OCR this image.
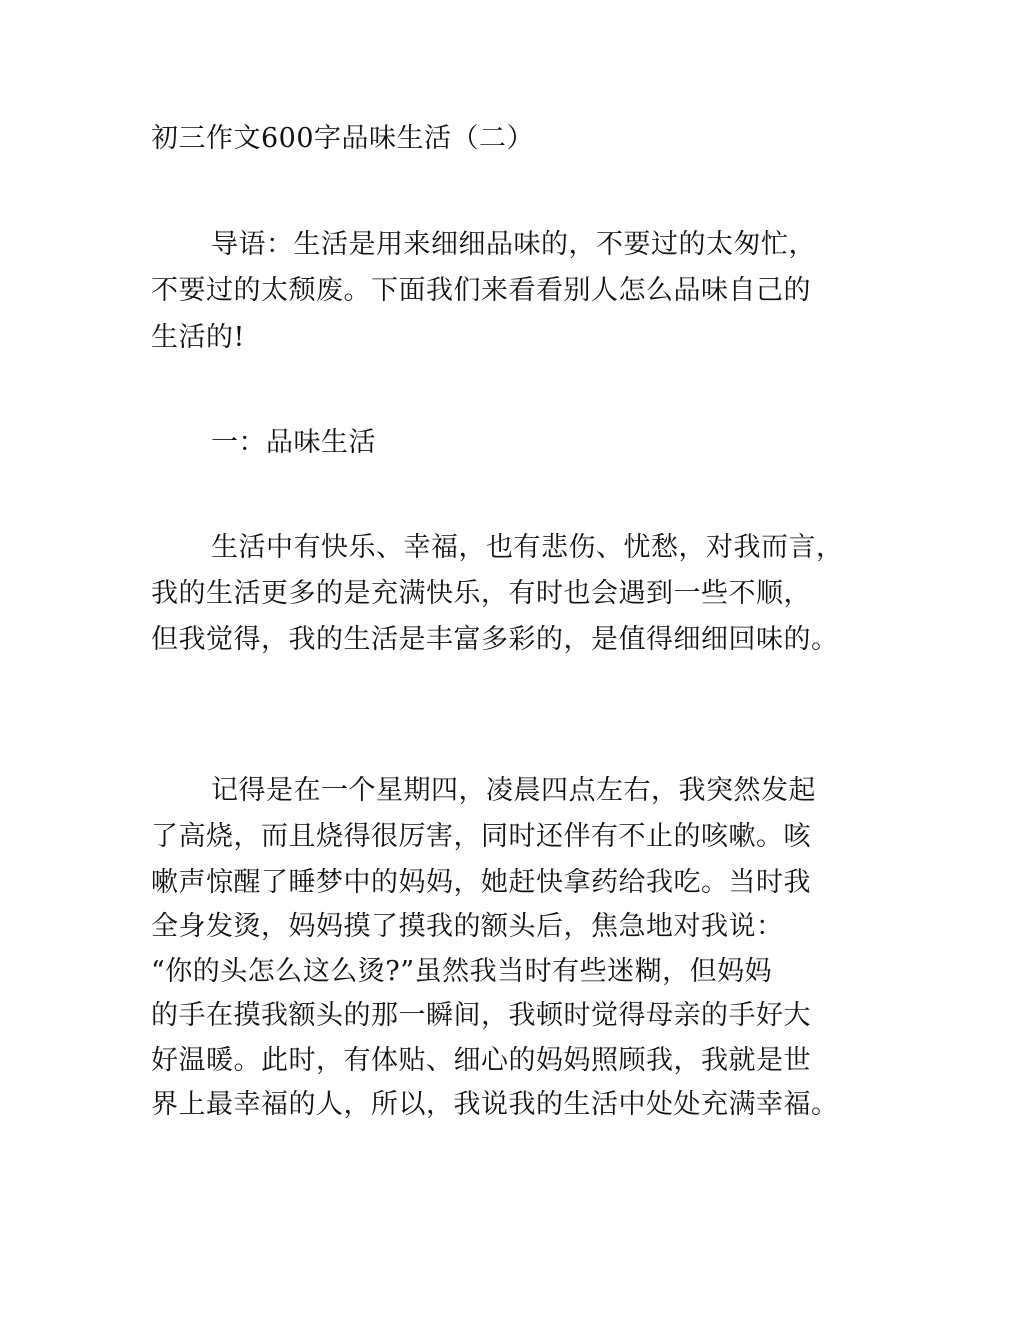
初三作文600字品味生活（二）
导语：生活是用来细细品味的，不要过的太匆忙，
不要过的太颓废。下面我们来看看别人怎么品味自己的
生活的!
一：品味生活
生活中有快乐、幸福，也有悲伤、忧愁，对我而言，
我的生活更多的是充满快乐，有时也会遇到一些不顺，
但我觉得，我的生活是丰富多彩的，是值得细细回味的。
记得是在一个星期四，凌晨四点左右，我突然发起
了高烧，而且烧得很厉害，同时还伴有不止的咳嗽。咳
嗽声惊醒了睡梦中的妈妈，她赶快拿药给我吃。当时我
全身发烫，妈妈摸了摸我的额头后，焦急地对我说：
“你的头怎么这么烫?”虽然我当时有些迷糊，但妈妈
的手在摸我额头的那一瞬间，我顿时觉得母亲的手好大
好温暖。此时，有体贴、细心的妈妈照顾我，我就是世
界上最幸福的人，所以，我说我的生活中处处充满幸福。
